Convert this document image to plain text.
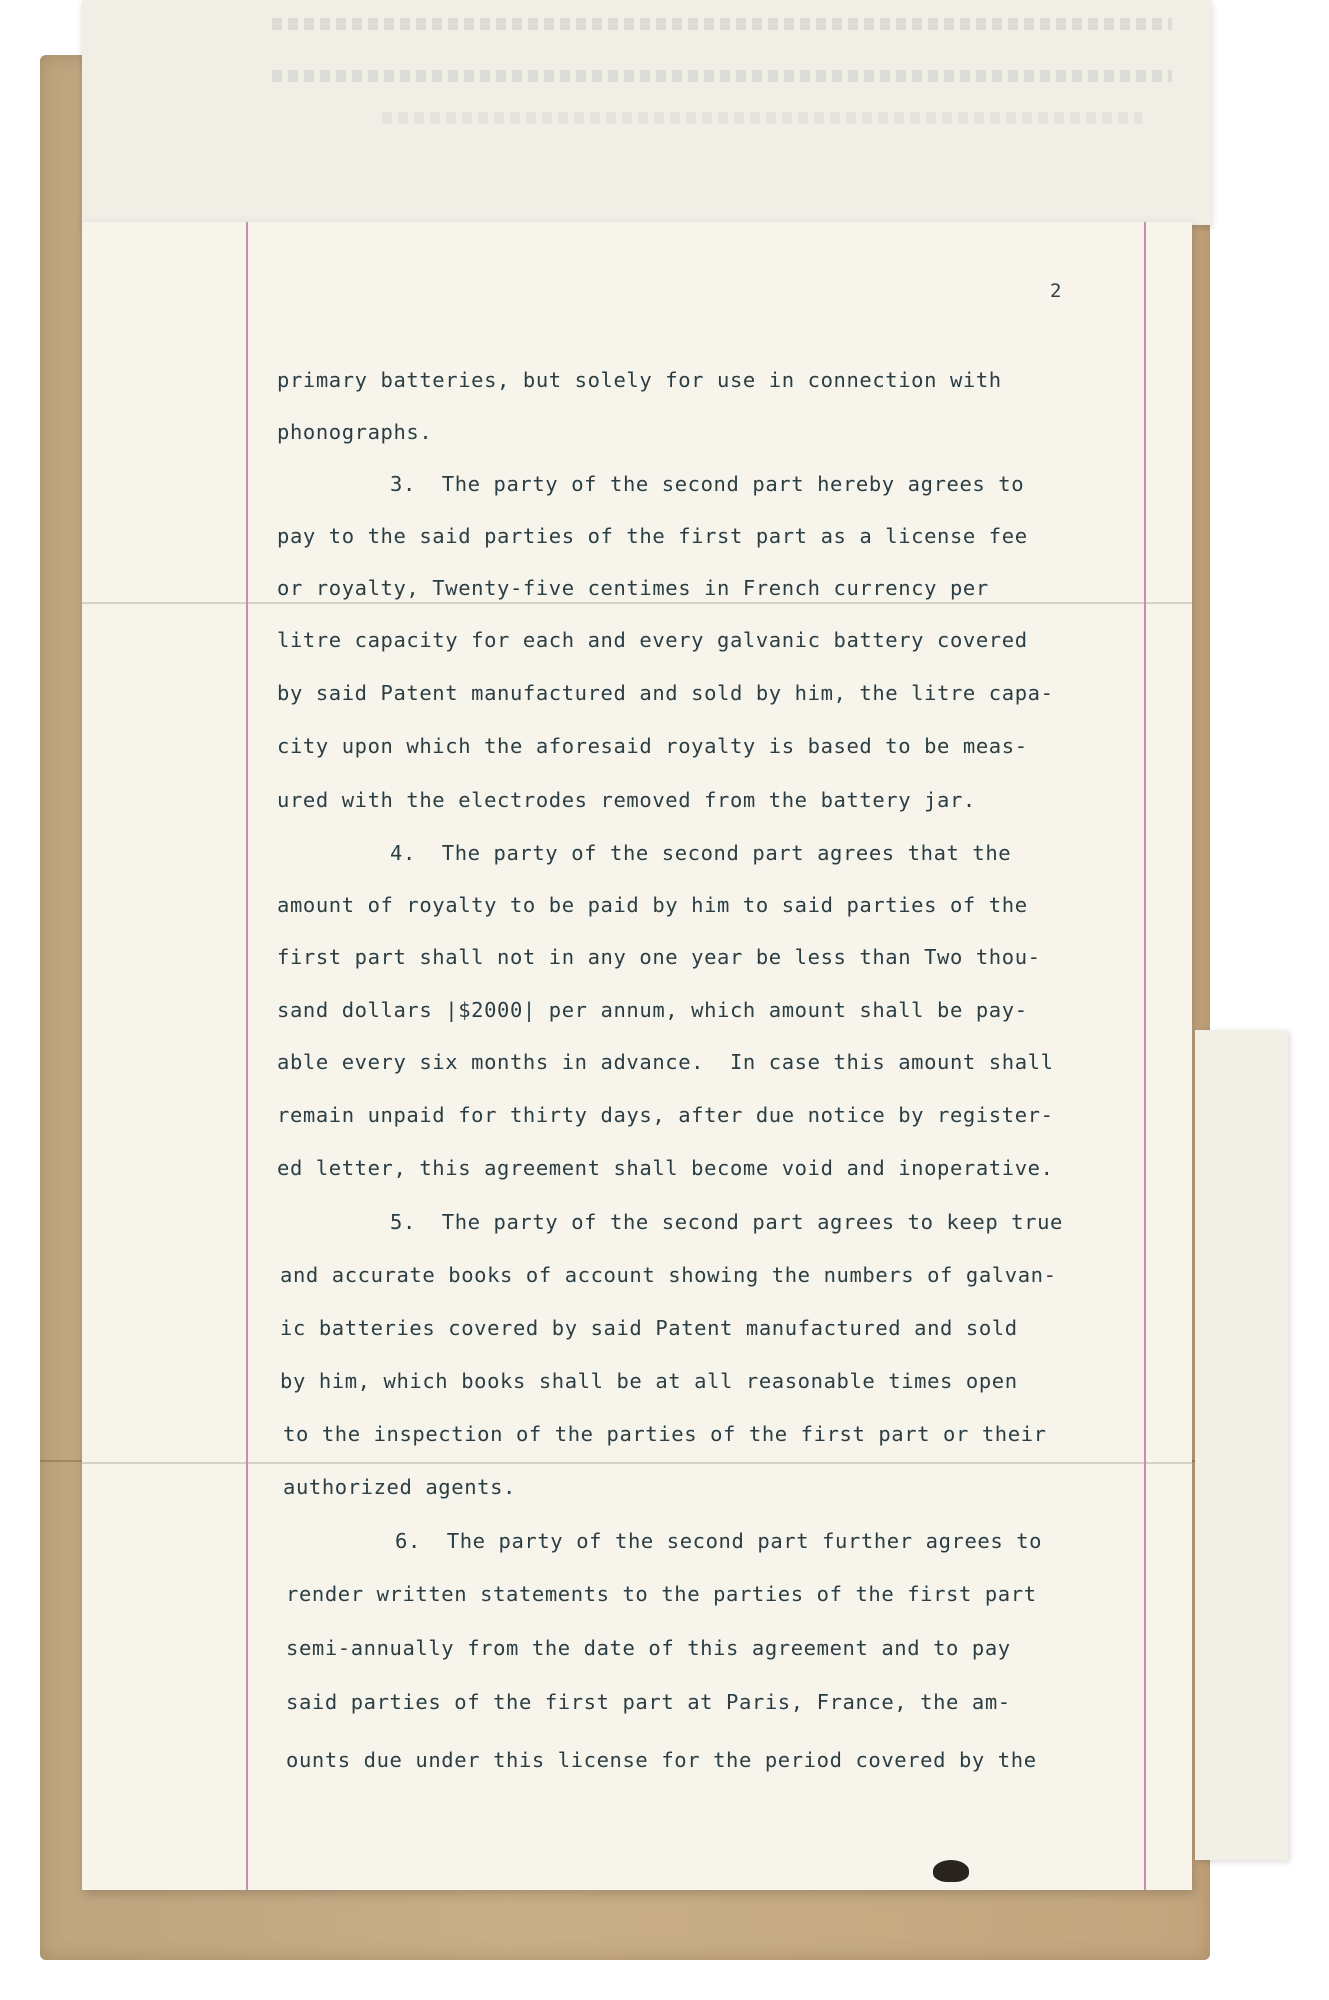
2
primary batteries, but solely for use in connection with
phonographs.
3.  The party of the second part hereby agrees to
pay to the said parties of the first part as a license fee
or royalty, Twenty-five centimes in French currency per
litre capacity for each and every galvanic battery covered
by said Patent manufactured and sold by him, the litre capa-
city upon which the aforesaid royalty is based to be meas-
ured with the electrodes removed from the battery jar.
4.  The party of the second part agrees that the
amount of royalty to be paid by him to said parties of the
first part shall not in any one year be less than Two thou-
sand dollars |$2000| per annum, which amount shall be pay-
able every six months in advance.  In case this amount shall
remain unpaid for thirty days, after due notice by register-
ed letter, this agreement shall become void and inoperative.
5.  The party of the second part agrees to keep true
and accurate books of account showing the numbers of galvan-
ic batteries covered by said Patent manufactured and sold
by him, which books shall be at all reasonable times open
to the inspection of the parties of the first part or their
authorized agents.
6.  The party of the second part further agrees to
render written statements to the parties of the first part
semi-annually from the date of this agreement and to pay
said parties of the first part at Paris, France, the am-
ounts due under this license for the period covered by the
